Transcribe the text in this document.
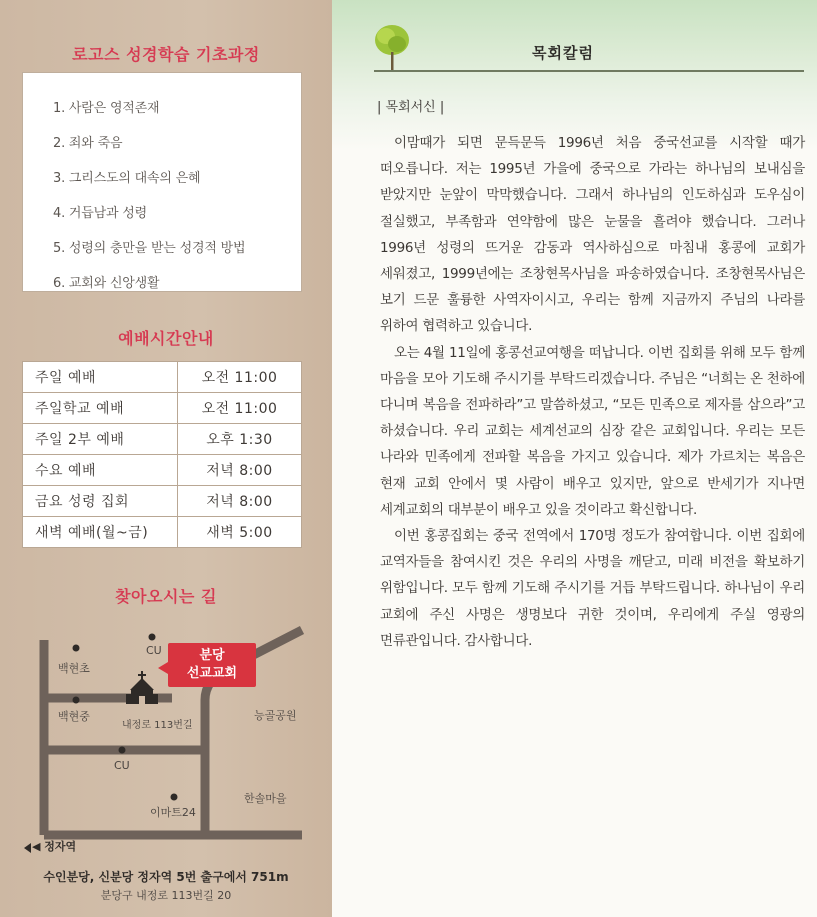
로고스 성경학습 기초과정
1. 사람은 영적존재
2. 죄와 죽음
3. 그리스도의 대속의 은혜
4. 거듭남과 성령
5. 성령의 충만을 받는 성경적 방법
6. 교회와 신앙생활
예배시간안내
주일 예배	오전 11:00
주일학교 예배	오전 11:00
주일 2부 예배	오후 1:30
수요 예배	저녁 8:00
금요 성령 집회	저녁 8:00
새벽 예배(월~금)	새벽 5:00
찾아오시는 길
CU
백현초
백현중
내정로 113번길
능골공원
CU
이마트24
한솔마을
분당
선교교회
◀ 정자역
수인분당, 신분당 정자역 5번 출구에서 751m
분당구 내정로 113번길 20
목회칼럼
| 목회서신 |

이맘때가 되면 문득문득 1996년 처음 중국선교를 시작할 때가 떠오릅니다. 저는 1995년 가을에 중국으로 가라는 하나님의 보내심을 받았지만 눈앞이 막막했습니다. 그래서 하나님의 인도하심과 도우심이 절실했고, 부족함과 연약함에 많은 눈물을 흘려야 했습니다. 그러나 1996년 성령의 뜨거운 감동과 역사하심으로 마침내 홍콩에 교회가 세워졌고, 1999년에는 조창현목사님을 파송하였습니다. 조창현목사님은 보기 드문 훌륭한 사역자이시고, 우리는 함께 지금까지 주님의 나라를 위하여 협력하고 있습니다.

오는 4월 11일에 홍콩선교여행을 떠납니다. 이번 집회를 위해 모두 함께 마음을 모아 기도해 주시기를 부탁드리겠습니다. 주님은 “너희는 온 천하에 다니며 복음을 전파하라”고 말씀하셨고, “모든 민족으로 제자를 삼으라”고 하셨습니다. 우리 교회는 세계선교의 심장 같은 교회입니다. 우리는 모든 나라와 민족에게 전파할 복음을 가지고 있습니다. 제가 가르치는 복음은 현재 교회 안에서 몇 사람이 배우고 있지만, 앞으로 반세기가 지나면 세계교회의 대부분이 배우고 있을 것이라고 확신합니다.

이번 홍콩집회는 중국 전역에서 170명 정도가 참여합니다. 이번 집회에 교역자들을 참여시킨 것은 우리의 사명을 깨닫고, 미래 비전을 확보하기 위함입니다. 모두 함께 기도해 주시기를 거듭 부탁드립니다. 하나님이 우리 교회에 주신 사명은 생명보다 귀한 것이며, 우리에게 주실 영광의 면류관입니다. 감사합니다.
